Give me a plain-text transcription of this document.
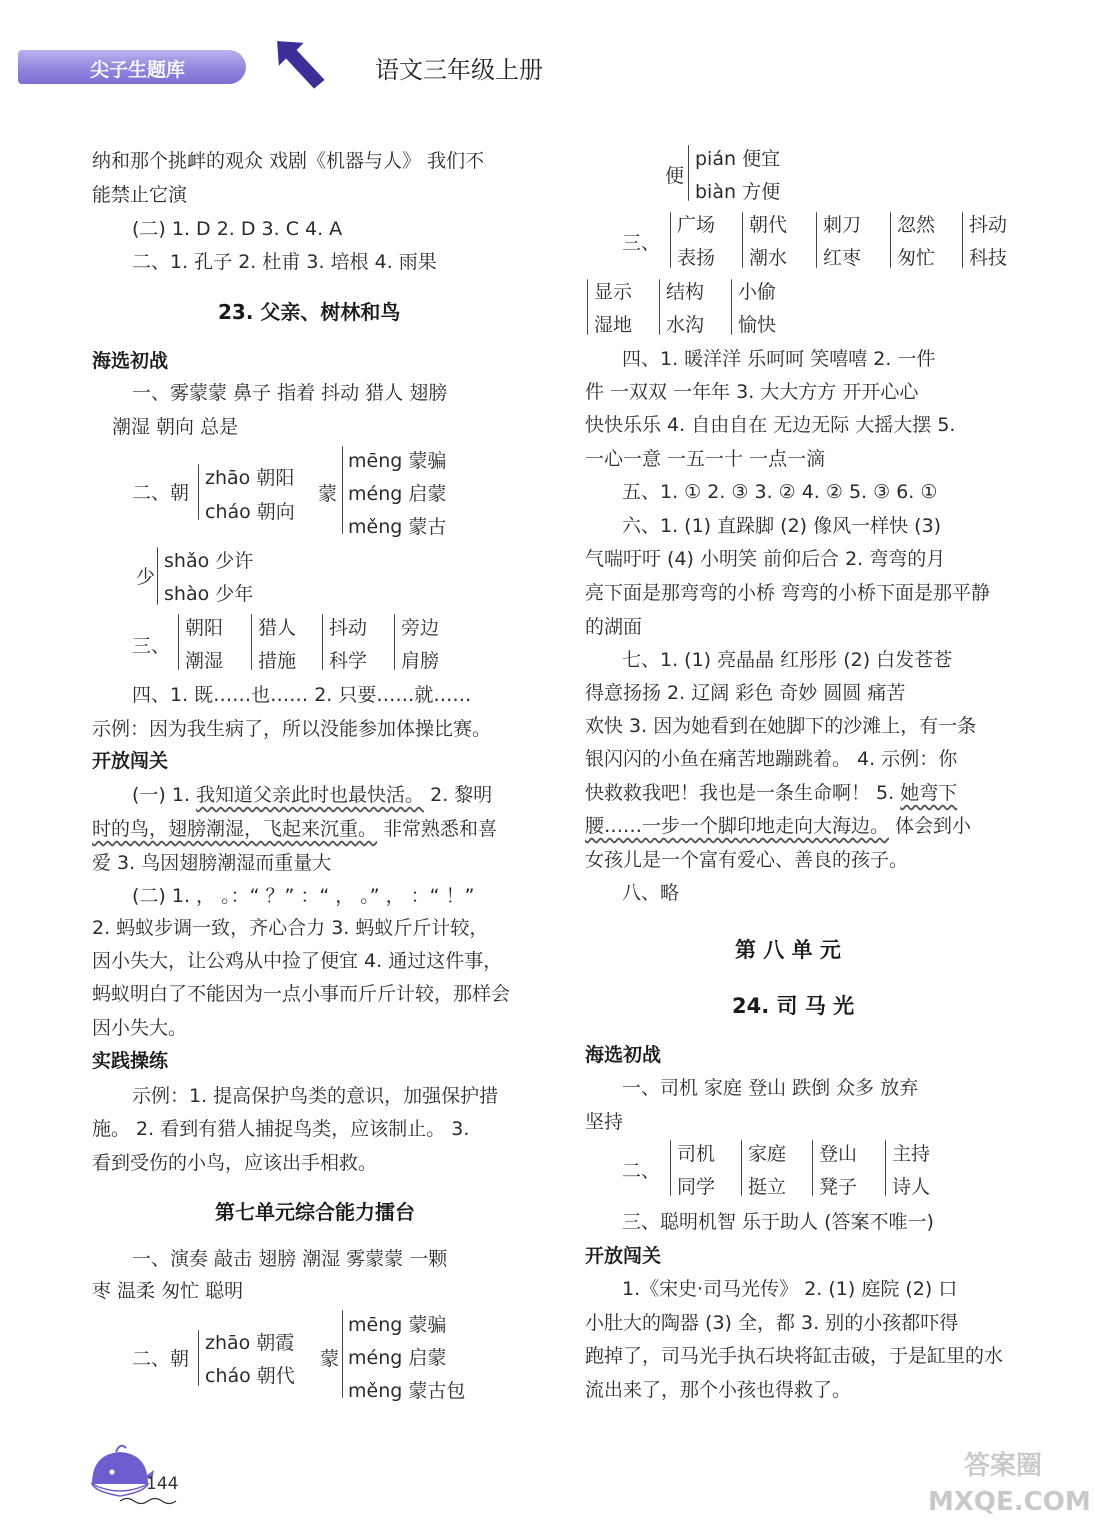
尖子生题库	语文三年级上册
纳和那个挑衅的观众 戏剧《机器与人》 我们不
能禁止它演
(二) 1. D 2. D 3. C 4. A
二、1. 孔子 2. 杜甫 3. 培根 4. 雨果
23. 父亲、树林和鸟
海选初战
一、雾蒙蒙 鼻子 指着 抖动 猎人 翅膀
潮湿 朝向 总是
二、朝
zhāo 朝阳
cháo 朝向
蒙
mēng 蒙骗
méng 启蒙
měng 蒙古
少
shǎo 少许
shào 少年
三、
朝阳
潮湿
猎人
措施
抖动
科学
旁边
肩膀
四、1. 既……也…… 2. 只要……就……
示例：因为我生病了，所以没能参加体操比赛。
开放闯关
(一) 1. 我知道父亲此时也最快活。 2. 黎明
时的鸟，翅膀潮湿，飞起来沉重。 非常熟悉和喜
爱 3. 鸟因翅膀潮湿而重量大
(二) 1. ， 。：“ ？” ：“ ， 。” ， ：“ ！”
2. 蚂蚁步调一致，齐心合力 3. 蚂蚁斤斤计较，
因小失大，让公鸡从中捡了便宜 4. 通过这件事，
蚂蚁明白了不能因为一点小事而斤斤计较，那样会
因小失大。
实践操练
示例：1. 提高保护鸟类的意识，加强保护措
施。 2. 看到有猎人捕捉鸟类，应该制止。 3.
看到受伤的小鸟，应该出手相救。
第七单元综合能力擂台
一、演奏 敲击 翅膀 潮湿 雾蒙蒙 一颗
枣 温柔 匆忙 聪明
二、朝
zhāo 朝霞
cháo 朝代
蒙
mēng 蒙骗
méng 启蒙
měng 蒙古包
便
pián 便宜
biàn 方便
三、
广场
表扬
朝代
潮水
刺刀
红枣
忽然
匆忙
抖动
科技
显示
湿地
结构
水沟
小偷
愉快
四、1. 暖洋洋 乐呵呵 笑嘻嘻 2. 一件
件 一双双 一年年 3. 大大方方 开开心心
快快乐乐 4. 自由自在 无边无际 大摇大摆 5.
一心一意 一五一十 一点一滴
五、1. ① 2. ③ 3. ② 4. ② 5. ③ 6. ①
六、1. (1) 直跺脚 (2) 像风一样快 (3)
气喘吁吁 (4) 小明笑 前仰后合 2. 弯弯的月
亮下面是那弯弯的小桥 弯弯的小桥下面是那平静
的湖面
七、1. (1) 亮晶晶 红彤彤 (2) 白发苍苍
得意扬扬 2. 辽阔 彩色 奇妙 圆圆 痛苦
欢快 3. 因为她看到在她脚下的沙滩上，有一条
银闪闪的小鱼在痛苦地蹦跳着。 4. 示例：你
快救救我吧！我也是一条生命啊！ 5. 她弯下
腰……一步一个脚印地走向大海边。 体会到小
女孩儿是一个富有爱心、善良的孩子。
八、略
第 八 单 元
24. 司 马 光
海选初战
一、司机 家庭 登山 跌倒 众多 放弃
坚持
二、
司机
同学
家庭
挺立
登山
凳子
主持
诗人
三、聪明机智 乐于助人 (答案不唯一)
开放闯关
1.《宋史·司马光传》 2. (1) 庭院 (2) 口
小肚大的陶器 (3) 全，都 3. 别的小孩都吓得
跑掉了，司马光手执石块将缸击破，于是缸里的水
流出来了，那个小孩也得救了。
144
答案圈 MXQE.COM
